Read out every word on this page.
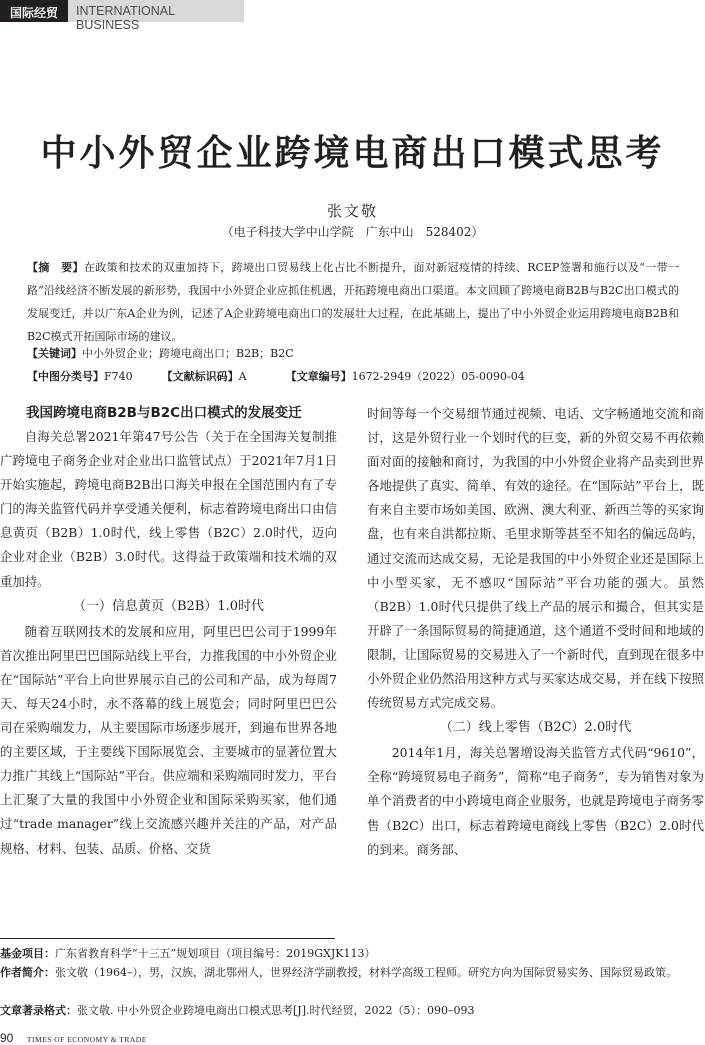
国际经贸	INTERNATIONAL BUSINESS
中小外贸企业跨境电商出口模式思考
张文敬
（电子科技大学中山学院　广东中山　528402）
【摘　要】在政策和技术的双重加持下，跨境出口贸易线上化占比不断提升，面对新冠疫情的持续、RCEP签署和施行以及“一带一路”沿线经济不断发展的新形势，我国中小外贸企业应抓住机遇，开拓跨境电商出口渠道。本文回顾了跨境电商B2B与B2C出口模式的发展变迁，并以广东A企业为例，记述了A企业跨境电商出口的发展壮大过程，在此基础上，提出了中小外贸企业运用跨境电商B2B和B2C模式开拓国际市场的建议。
【关键词】中小外贸企业；跨境电商出口；B2B；B2C
【中图分类号】F740	【文献标识码】A	【文章编号】1672-2949（2022）05-0090-04
我国跨境电商B2B与B2C出口模式的发展变迁

自海关总署2021年第47号公告（关于在全国海关复制推广跨境电子商务企业对企业出口监管试点）于2021年7月1日开始实施起，跨境电商B2B出口海关申报在全国范围内有了专门的海关监管代码并享受通关便利，标志着跨境电商出口由信息黄页（B2B）1.0时代，线上零售（B2C）2.0时代，迈向企业对企业（B2B）3.0时代。这得益于政策端和技术端的双重加持。

（一）信息黄页（B2B）1.0时代

随着互联网技术的发展和应用，阿里巴巴公司于1999年首次推出阿里巴巴国际站线上平台，力推我国的中小外贸企业在“国际站”平台上向世界展示自己的公司和产品，成为每周7天、每天24小时，永不落幕的线上展览会；同时阿里巴巴公司在采购端发力，从主要国际市场逐步展开，到遍布世界各地的主要区域，于主要线下国际展览会、主要城市的显著位置大力推广其线上“国际站”平台。供应端和采购端同时发力，平台上汇聚了大量的我国中小外贸企业和国际采购买家，他们通过“trade manager”线上交流感兴趣并关注的产品，对产品规格、材料、包装、品质、价格、交货

时间等每一个交易细节通过视频、电话、文字畅通地交流和商讨，这是外贸行业一个划时代的巨变，新的外贸交易不再依赖面对面的接触和商讨，为我国的中小外贸企业将产品卖到世界各地提供了真实、简单、有效的途径。在“国际站”平台上，既有来自主要市场如美国、欧洲、澳大利亚、新西兰等的买家询盘，也有来自洪都拉斯、毛里求斯等甚至不知名的偏远岛屿，通过交流而达成交易，无论是我国的中小外贸企业还是国际上中小型买家，无不感叹“国际站”平台功能的强大。虽然（B2B）1.0时代只提供了线上产品的展示和撮合，但其实是开辟了一条国际贸易的简捷通道，这个通道不受时间和地域的限制，让国际贸易的交易进入了一个新时代，直到现在很多中小外贸企业仍然沿用这种方式与买家达成交易，并在线下按照传统贸易方式完成交易。

（二）线上零售（B2C）2.0时代

2014年1月，海关总署增设海关监管方式代码“9610”，全称“跨境贸易电子商务”，简称“电子商务”，专为销售对象为单个消费者的中小跨境电商企业服务，也就是跨境电子商务零售（B2C）出口，标志着跨境电商线上零售（B2C）2.0时代的到来。商务部、

基金项目：广东省教育科学“十三五”规划项目（项目编号：2019GXJK113）
作者简介：张文敬（1964–），男，汉族，湖北鄂州人，世界经济学副教授，材料学高级工程师。研究方向为国际贸易实务、国际贸易政策。
文章著录格式：张文敬. 中小外贸企业跨境电商出口模式思考[J].时代经贸，2022（5）：090–093
90 TIMES OF ECONOMY & TRADE
